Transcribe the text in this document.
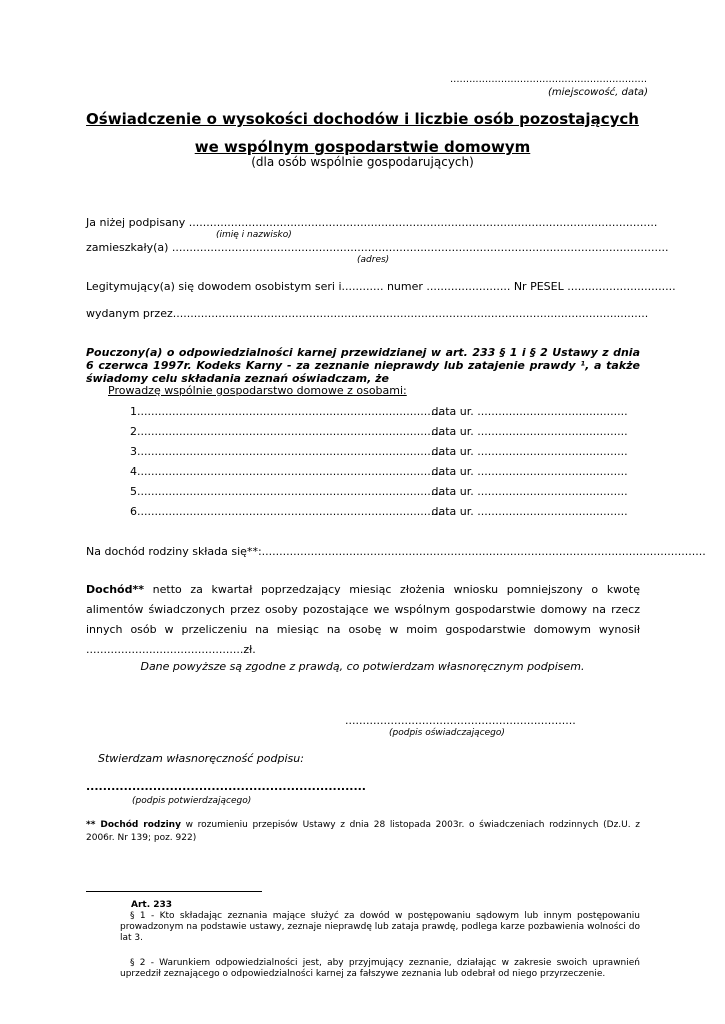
..............................................................
(miejscowość, data)
Oświadczenie o wysokości dochodów i liczbie osób pozostających
we wspólnym gospodarstwie domowym
(dla osób wspólnie gospodarujących)
Ja niżej podpisany ......................................................................................................................................
(imię i nazwisko)
zamieszkały(a) ..............................................................................................................................................
(adres)
Legitymujący(a) się dowodem osobistym seri i............ numer ........................ Nr PESEL ...............................
wydanym przez........................................................................................................................................
Pouczony(a) o odpowiedzialności karnej przewidzianej w art. 233 § 1 i § 2 Ustawy z dnia 6 czerwca 1997r. Kodeks Karny - za zeznanie nieprawdy lub zatajenie prawdy ¹, a także świadomy celu składania zeznań oświadczam, że
Prowadzę wspólnie gospodarstwo domowe z osobami:
1....................................................................................... data ur. ...........................................
2....................................................................................... data ur. ...........................................
3....................................................................................... data ur. ...........................................
4....................................................................................... data ur. ...........................................
5....................................................................................... data ur. ...........................................
6....................................................................................... data ur. ...........................................
Na dochód rodziny składa się**:...............................................................................................................................
Dochód** netto za kwartał poprzedzający miesiąc złożenia wniosku pomniejszony o kwotę alimentów świadczonych przez osoby pozostające we wspólnym gospodarstwie domowy na rzecz innych osób w przeliczeniu na miesiąc na osobę w moim gospodarstwie domowym wynosił .............................................zł.
Dane powyższe są zgodne z prawdą, co potwierdzam własnoręcznym podpisem.
..................................................................
(podpis oświadczającego)
Stwierdzam własnoręczność podpisu:
...................................................................
(podpis potwierdzającego)
** Dochód rodziny w rozumieniu przepisów Ustawy z dnia 28 listopada 2003r. o świadczeniach rodzinnych (Dz.U. z 2006r. Nr 139; poz. 922)
Art. 233
§ 1 - Kto składając zeznania mające służyć za dowód w postępowaniu sądowym lub innym postępowaniu prowadzonym na podstawie ustawy, zeznaje nieprawdę lub zataja prawdę, podlega karze pozbawienia wolności do lat 3.
§ 2 - Warunkiem odpowiedzialności jest, aby przyjmujący zeznanie, działając w zakresie swoich uprawnień uprzedził zeznającego o odpowiedzialności karnej za fałszywe zeznania lub odebrał od niego przyrzeczenie.
